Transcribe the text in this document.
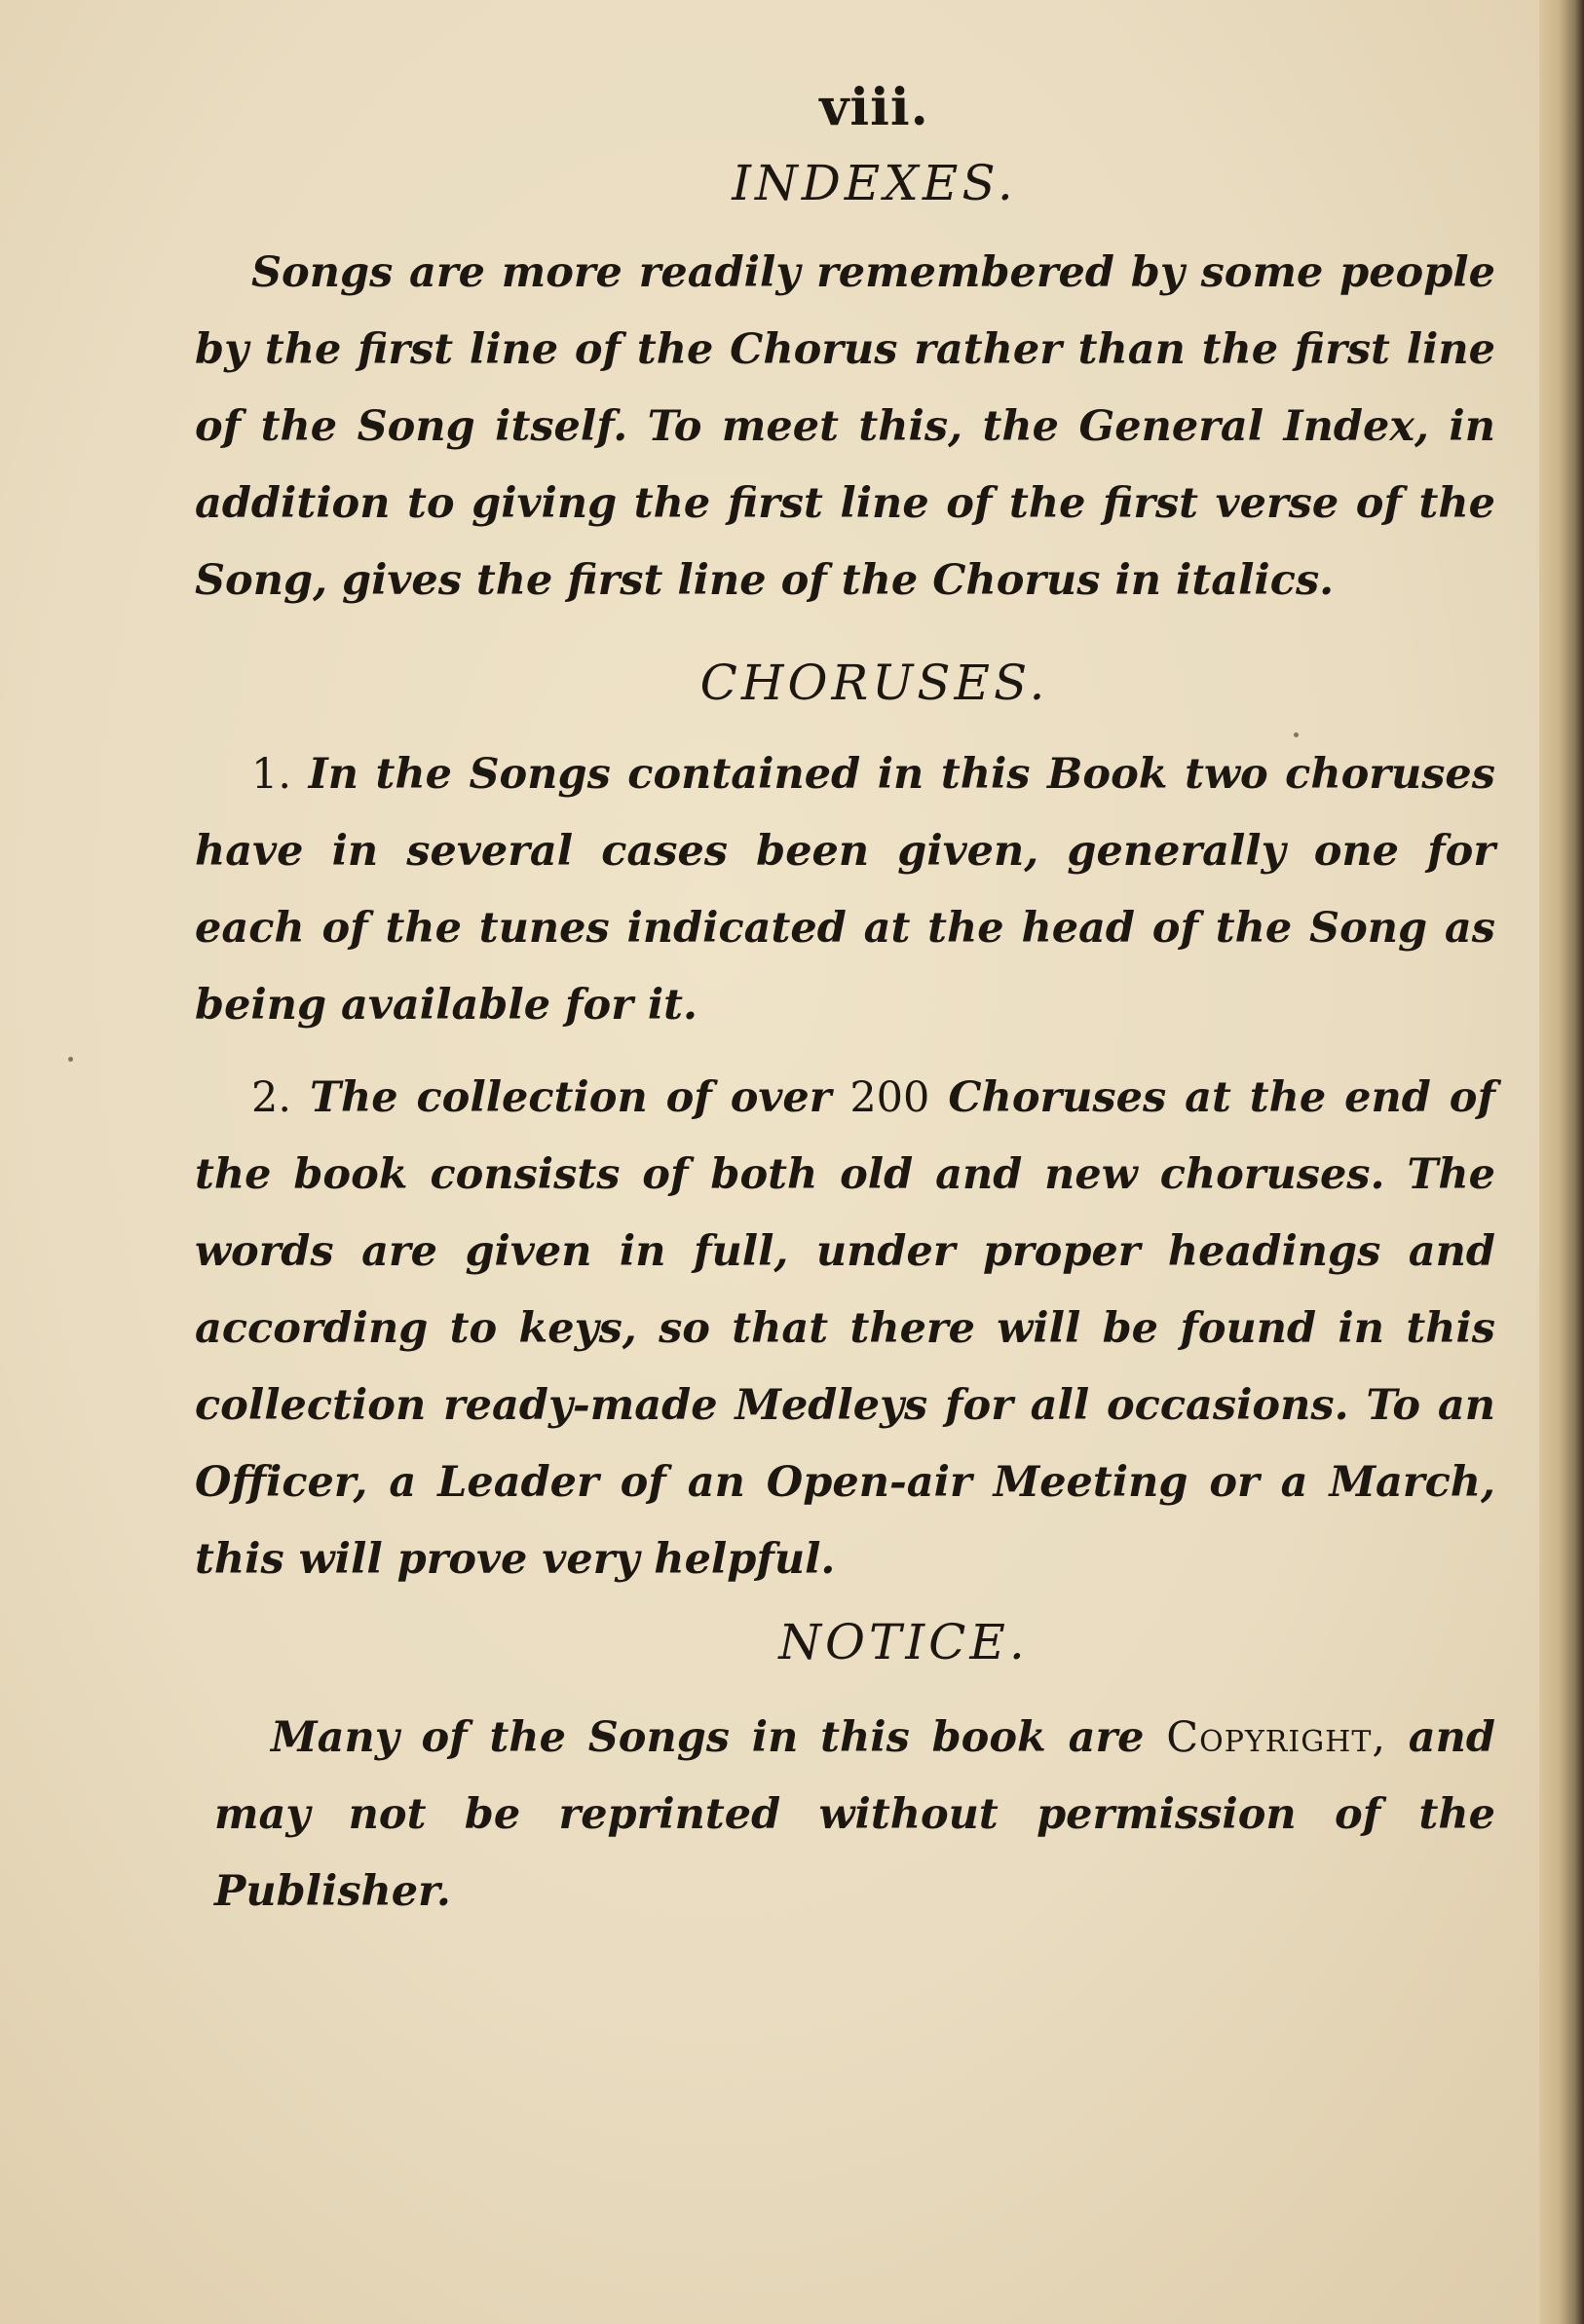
viii.
INDEXES.

Songs are more readily remembered by some people by the first line of the Chorus rather than the first line of the Song itself. To meet this, the General Index, in addition to giving the first line of the first verse of the Song, gives the first line of the Chorus in italics.

CHORUSES.

1. In the Songs contained in this Book two choruses have in several cases been given, generally one for each of the tunes indicated at the head of the Song as being available for it.

2. The collection of over 200 Choruses at the end of the book consists of both old and new choruses. The words are given in full, under proper headings and according to keys, so that there will be found in this collection ready-made Medleys for all occasions. To an Officer, a Leader of an Open-air Meeting or a March, this will prove very helpful.

NOTICE.

Many of the Songs in this book are Copyright, and may not be reprinted without permission of the Publisher.
